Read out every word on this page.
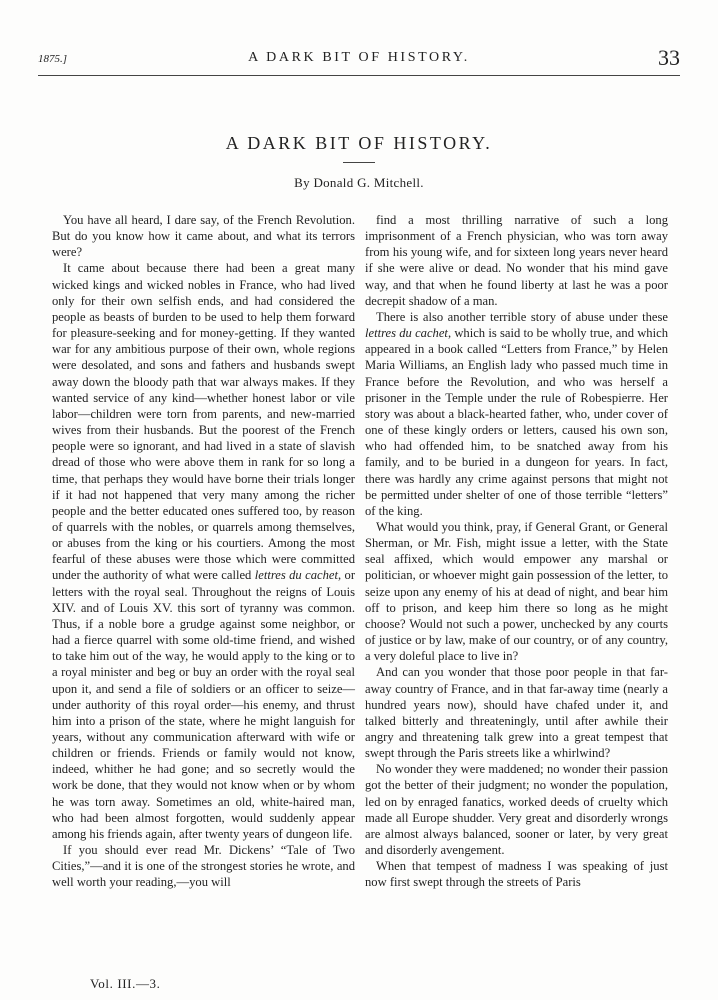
1875.]	A DARK BIT OF HISTORY.	33
A DARK BIT OF HISTORY.
By Donald G. Mitchell.

You have all heard, I dare say, of the French Revolution. But do you know how it came about, and what its terrors were?

It came about because there had been a great many wicked kings and wicked nobles in France, who had lived only for their own selfish ends, and had considered the people as beasts of burden to be used to help them forward for pleasure-seeking and for money-getting. If they wanted war for any ambitious purpose of their own, whole regions were desolated, and sons and fathers and husbands swept away down the bloody path that war always makes. If they wanted service of any kind—whether honest labor or vile labor—children were torn from parents, and new-married wives from their husbands. But the poorest of the French people were so ignorant, and had lived in a state of slavish dread of those who were above them in rank for so long a time, that perhaps they would have borne their trials longer if it had not happened that very many among the richer people and the better educated ones suffered too, by reason of quarrels with the nobles, or quarrels among themselves, or abuses from the king or his courtiers. Among the most fearful of these abuses were those which were committed under the authority of what were called lettres du cachet, or letters with the royal seal. Throughout the reigns of Louis XIV. and of Louis XV. this sort of tyranny was common. Thus, if a noble bore a grudge against some neighbor, or had a fierce quarrel with some old-time friend, and wished to take him out of the way, he would apply to the king or to a royal minister and beg or buy an order with the royal seal upon it, and send a file of soldiers or an officer to seize—under authority of this royal order—his enemy, and thrust him into a prison of the state, where he might languish for years, without any communication afterward with wife or children or friends. Friends or family would not know, indeed, whither he had gone; and so secretly would the work be done, that they would not know when or by whom he was torn away. Sometimes an old, white-haired man, who had been almost forgotten, would suddenly appear among his friends again, after twenty years of dungeon life.

If you should ever read Mr. Dickens’ “Tale of Two Cities,”—and it is one of the strongest stories he wrote, and well worth your reading,—you will

find a most thrilling narrative of such a long imprisonment of a French physician, who was torn away from his young wife, and for sixteen long years never heard if she were alive or dead. No wonder that his mind gave way, and that when he found liberty at last he was a poor decrepit shadow of a man.

There is also another terrible story of abuse under these lettres du cachet, which is said to be wholly true, and which appeared in a book called “Letters from France,” by Helen Maria Williams, an English lady who passed much time in France before the Revolution, and who was herself a prisoner in the Temple under the rule of Robespierre. Her story was about a black-hearted father, who, under cover of one of these kingly orders or letters, caused his own son, who had offended him, to be snatched away from his family, and to be buried in a dungeon for years. In fact, there was hardly any crime against persons that might not be permitted under shelter of one of those terrible “letters” of the king.

What would you think, pray, if General Grant, or General Sherman, or Mr. Fish, might issue a letter, with the State seal affixed, which would empower any marshal or politician, or whoever might gain possession of the letter, to seize upon any enemy of his at dead of night, and bear him off to prison, and keep him there so long as he might choose? Would not such a power, unchecked by any courts of justice or by law, make of our country, or of any country, a very doleful place to live in?

And can you wonder that those poor people in that far-away country of France, and in that far-away time (nearly a hundred years now), should have chafed under it, and talked bitterly and threateningly, until after awhile their angry and threatening talk grew into a great tempest that swept through the Paris streets like a whirlwind?

No wonder they were maddened; no wonder their passion got the better of their judgment; no wonder the population, led on by enraged fanatics, worked deeds of cruelty which made all Europe shudder. Very great and disorderly wrongs are almost always balanced, sooner or later, by very great and disorderly avengement.

When that tempest of madness I was speaking of just now first swept through the streets of Paris

Vol. III.—3.
